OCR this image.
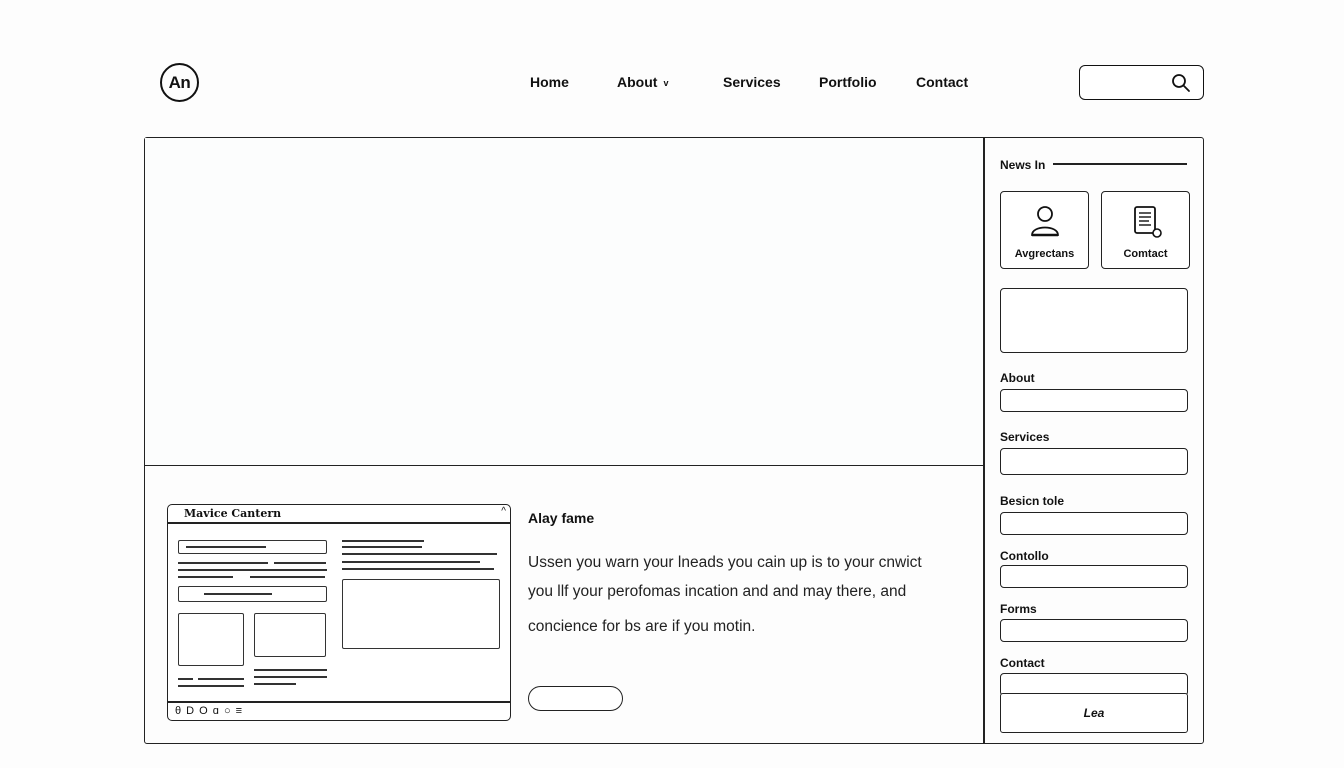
An	Home	About v	Services	Portfolio	Contact
Mavice Cantern	^
θ D O ɑ ○ ≡
Alay fame
Ussen you warn your lneads you cain up is to your cnwict
you llf your perofomas incation and and may there, and
concience for bs are if you motin.
News In
Avgrectans	Comtact
About
Services
Besicn tole
Contollo
Forms
Contact
Lea
